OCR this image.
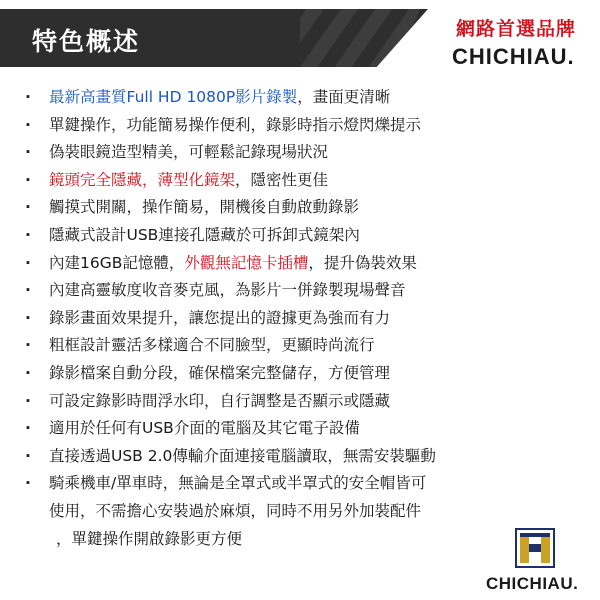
特色概述	網路首選品牌
CHICHIAU.
· 最新高畫質Full HD 1080P影片錄製，畫面更清晰
· 單鍵操作，功能簡易操作便利，錄影時指示燈閃爍提示
· 偽裝眼鏡造型精美，可輕鬆記錄現場狀況
· 鏡頭完全隱藏，薄型化鏡架，隱密性更佳
· 觸摸式開關，操作簡易，開機後自動啟動錄影
· 隱藏式設計USB連接孔隱藏於可拆卸式鏡架內
· 內建16GB記憶體，外觀無記憶卡插槽，提升偽裝效果
· 內建高靈敏度收音麥克風，為影片一併錄製現場聲音
· 錄影畫面效果提升，讓您提出的證據更為強而有力
· 粗框設計靈活多樣適合不同臉型，更顯時尚流行
· 錄影檔案自動分段，確保檔案完整儲存，方便管理
· 可設定錄影時間浮水印，自行調整是否顯示或隱藏
· 適用於任何有USB介面的電腦及其它電子設備
· 直接透過USB 2.0傳輸介面連接電腦讀取，無需安裝驅動
· 騎乘機車/單車時，無論是全罩式或半罩式的安全帽皆可
使用，不需擔心安裝過於麻煩，同時不用另外加裝配件
，單鍵操作開啟錄影更方便
CHICHIAU.
